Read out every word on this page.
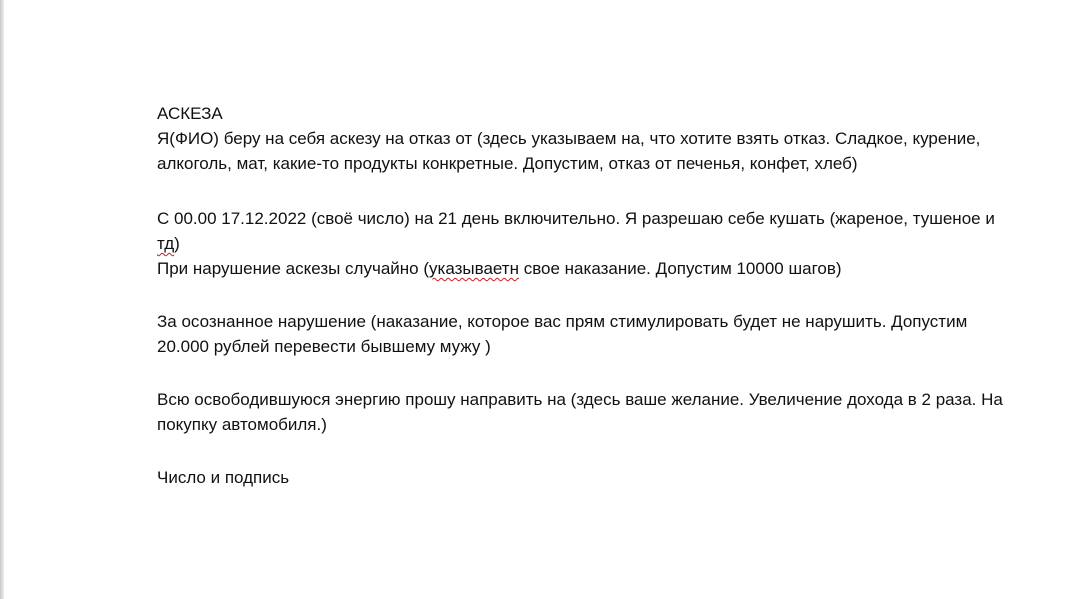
АСКЕЗА

Я(ФИО) беру на себя аскезу на отказ от (здесь указываем на, что хотите взять отказ. Сладкое, курение, алкоголь, мат, какие-то продукты конкретные. Допустим, отказ от печенья, конфет, хлеб)

С 00.00 17.12.2022 (своё число) на 21 день включительно. Я разрешаю себе кушать (жареное, тушеное и тд)

При нарушение аскезы случайно (указываетн свое наказание. Допустим 10000 шагов)

За осознанное нарушение (наказание, которое вас прям стимулировать будет не нарушить. Допустим 20.000 рублей перевести бывшему мужу )

Всю освободившуюся энергию прошу направить на (здесь ваше желание. Увеличение дохода в 2 раза. На покупку автомобиля.)

Число и подпись
